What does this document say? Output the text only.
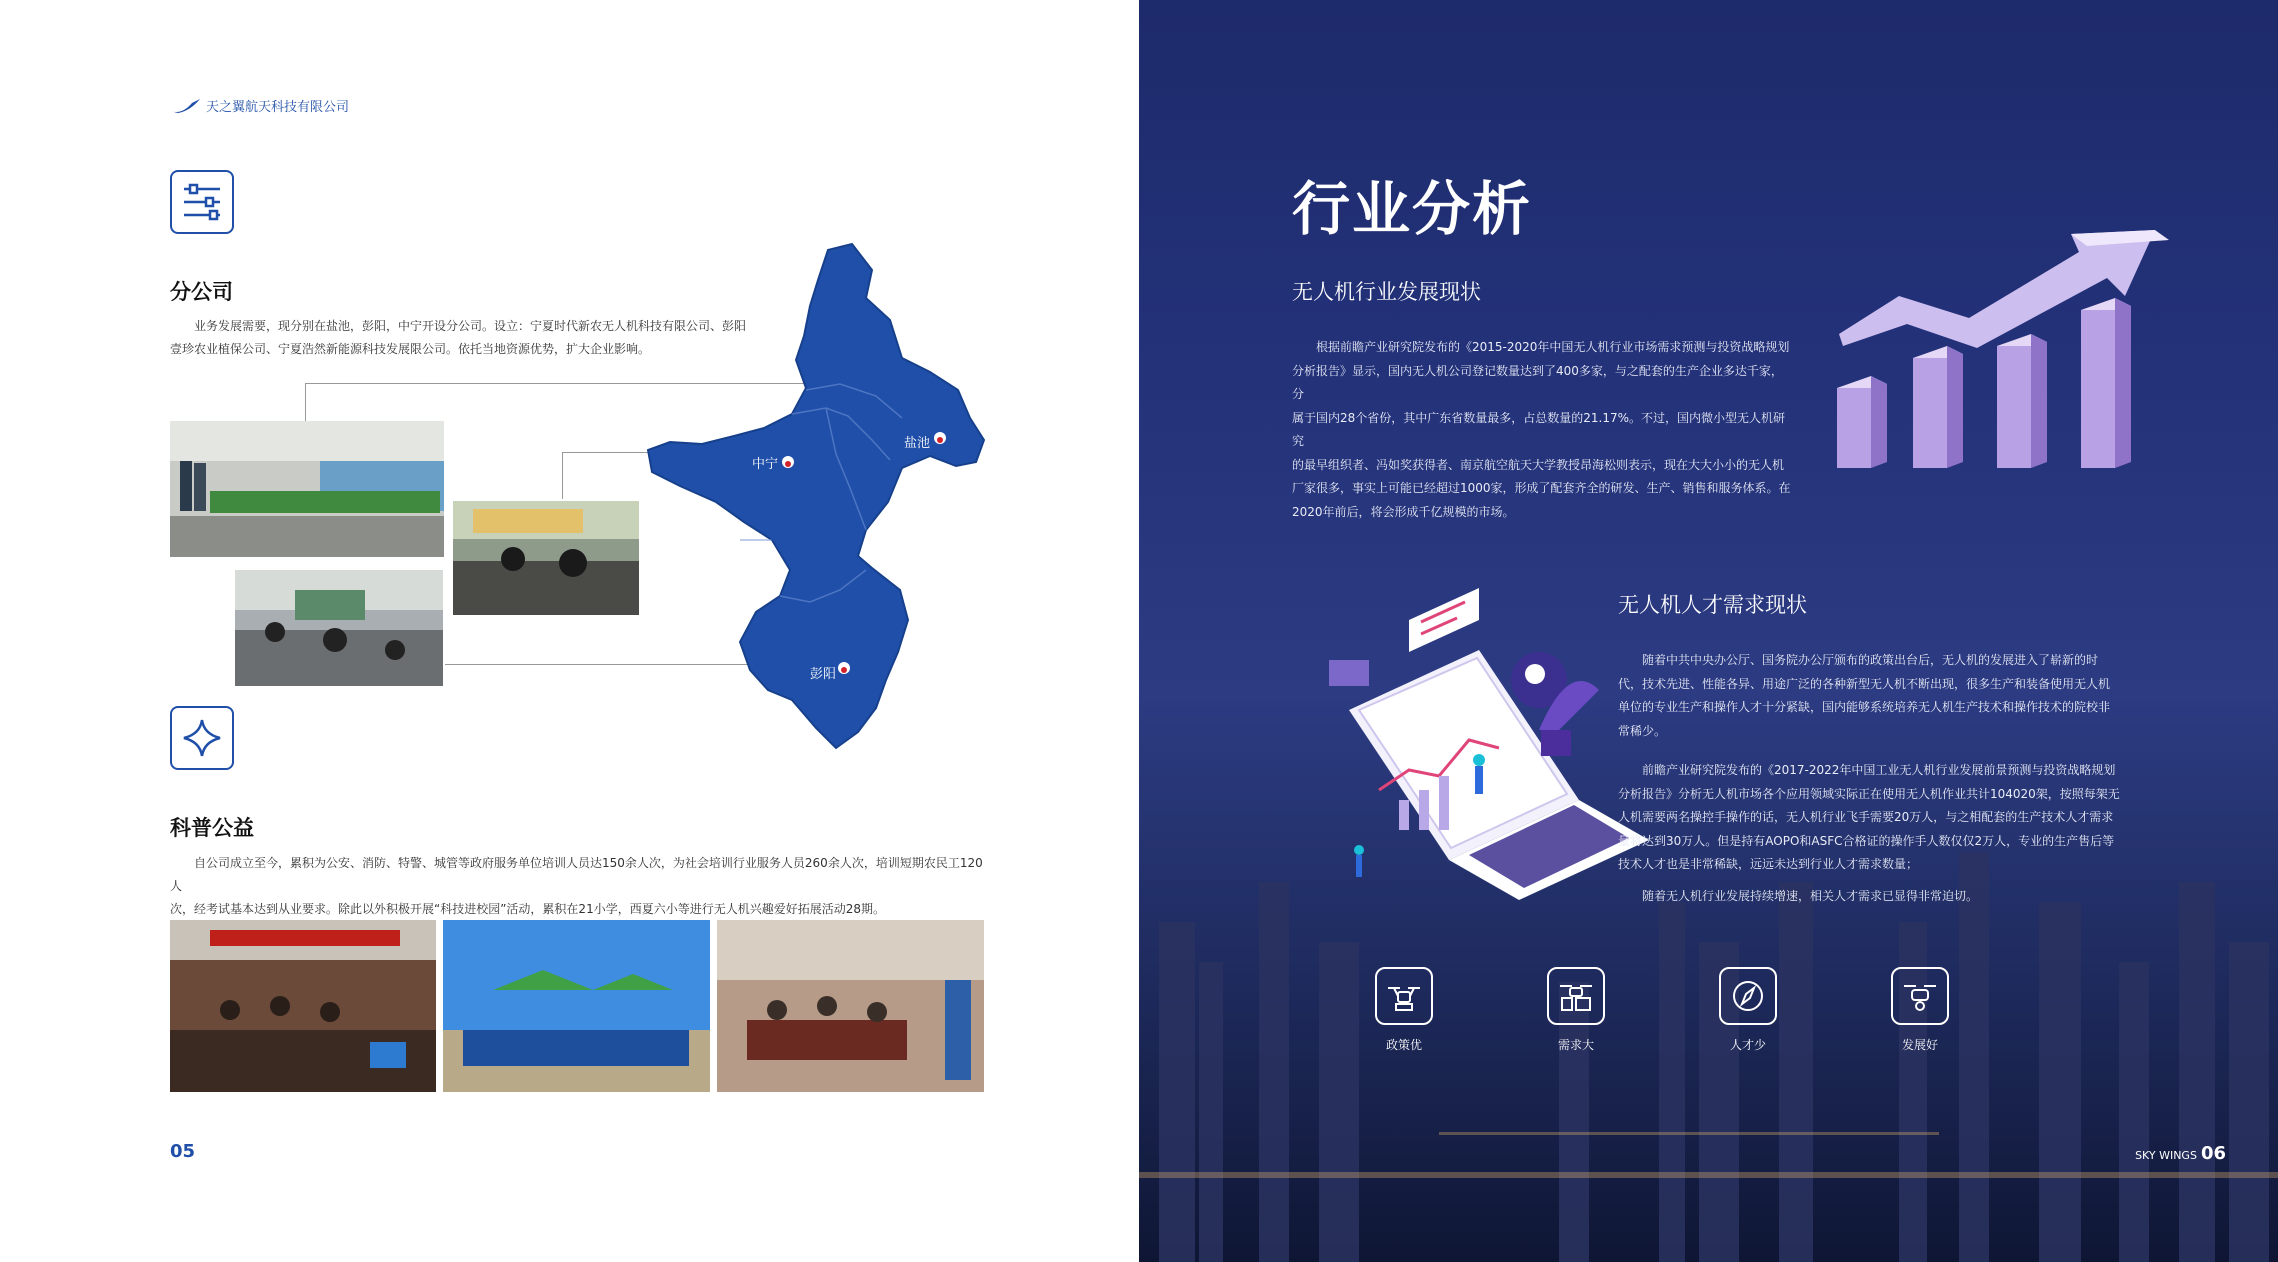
天之翼航天科技有限公司
分公司
业务发展需要，现分别在盐池，彭阳，中宁开设分公司。设立：宁夏时代新农无人机科技有限公司、彭阳
壹珍农业植保公司、宁夏浩然新能源科技发展限公司。依托当地资源优势，扩大企业影响。
中宁
盐池
彭阳
科普公益
自公司成立至今，累积为公安、消防、特警、城管等政府服务单位培训人员达150余人次，为社会培训行业服务人员260余人次，培训短期农民工120人
次，经考试基本达到从业要求。除此以外积极开展“科技进校园”活动，累积在21小学，西夏六小等进行无人机兴趣爱好拓展活动28期。
05
行业分析
无人机行业发展现状
根据前瞻产业研究院发布的《2015-2020年中国无人机行业市场需求预测与投资战略规划
分析报告》显示，国内无人机公司登记数量达到了400多家，与之配套的生产企业多达千家，分
属于国内28个省份，其中广东省数量最多，占总数量的21.17%。不过，国内微小型无人机研究
的最早组织者、冯如奖获得者、南京航空航天大学教授昂海松则表示，现在大大小小的无人机
厂家很多，事实上可能已经超过1000家，形成了配套齐全的研发、生产、销售和服务体系。在
2020年前后，将会形成千亿规模的市场。
无人机人才需求现状
随着中共中央办公厅、国务院办公厅颁布的政策出台后，无人机的发展进入了崭新的时
代，技术先进、性能各异、用途广泛的各种新型无人机不断出现，很多生产和装备使用无人机
单位的专业生产和操作人才十分紧缺，国内能够系统培养无人机生产技术和操作技术的院校非
常稀少。
前瞻产业研究院发布的《2017-2022年中国工业无人机行业发展前景预测与投资战略规划
分析报告》分析无人机市场各个应用领域实际正在使用无人机作业共计104020架，按照每架无
人机需要两名操控手操作的话，无人机行业飞手需要20万人，与之相配套的生产技术人才需求
量将达到30万人。但是持有AOPO和ASFC合格证的操作手人数仅仅2万人，专业的生产售后等
技术人才也是非常稀缺，远远未达到行业人才需求数量；
随着无人机行业发展持续增速，相关人才需求已显得非常迫切。
政策优	需求大	人才少	发展好
SKY WINGS 06
